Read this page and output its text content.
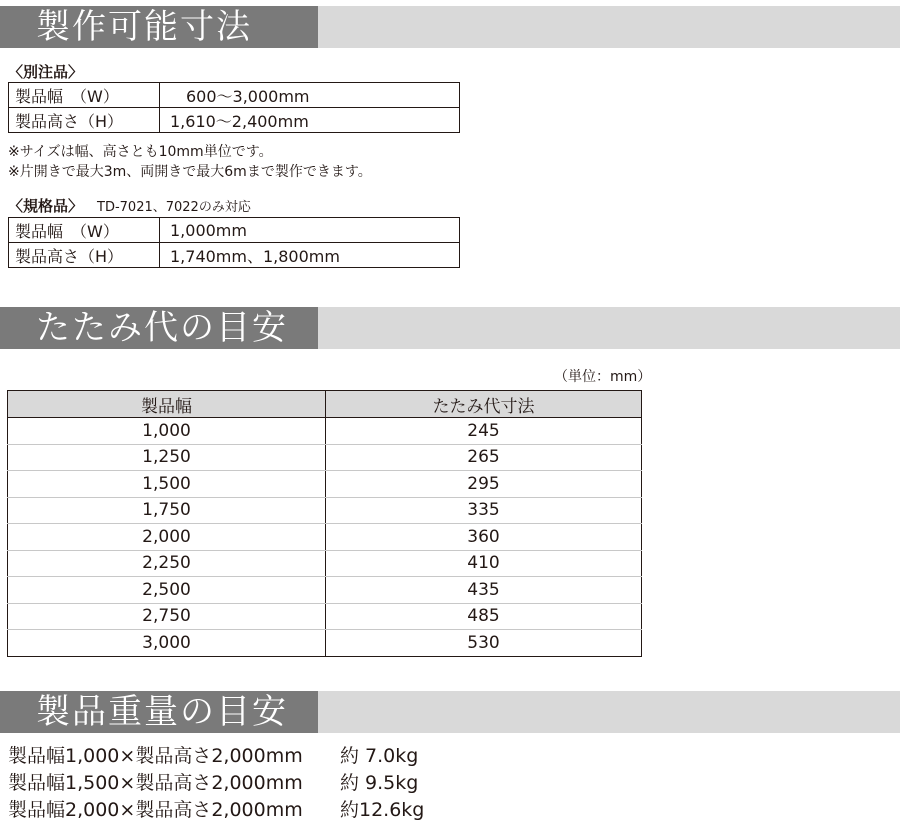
製作可能寸法
〈別注品〉
製品幅　（W）	　600～3,000mm
製品高さ（H）	1,610～2,400mm
※サイズは幅、高さとも10mm単位です。
※片開きで最大3m、両開きで最大6mまで製作できます。
〈規格品〉 TD-7021、7022のみ対応
製品幅　（W）	1,000mm
製品高さ（H）	1,740mm、1,800mm
たたみ代の目安
（単位：mm）
製品幅	たたみ代寸法
1,000	245
1,250	265
1,500	295
1,750	335
2,000	360
2,250	410
2,500	435
2,750	485
3,000	530
製品重量の目安
製品幅1,000×製品高さ2,000mm 約 7.0kg
製品幅1,500×製品高さ2,000mm 約 9.5kg
製品幅2,000×製品高さ2,000mm 約12.6kg
